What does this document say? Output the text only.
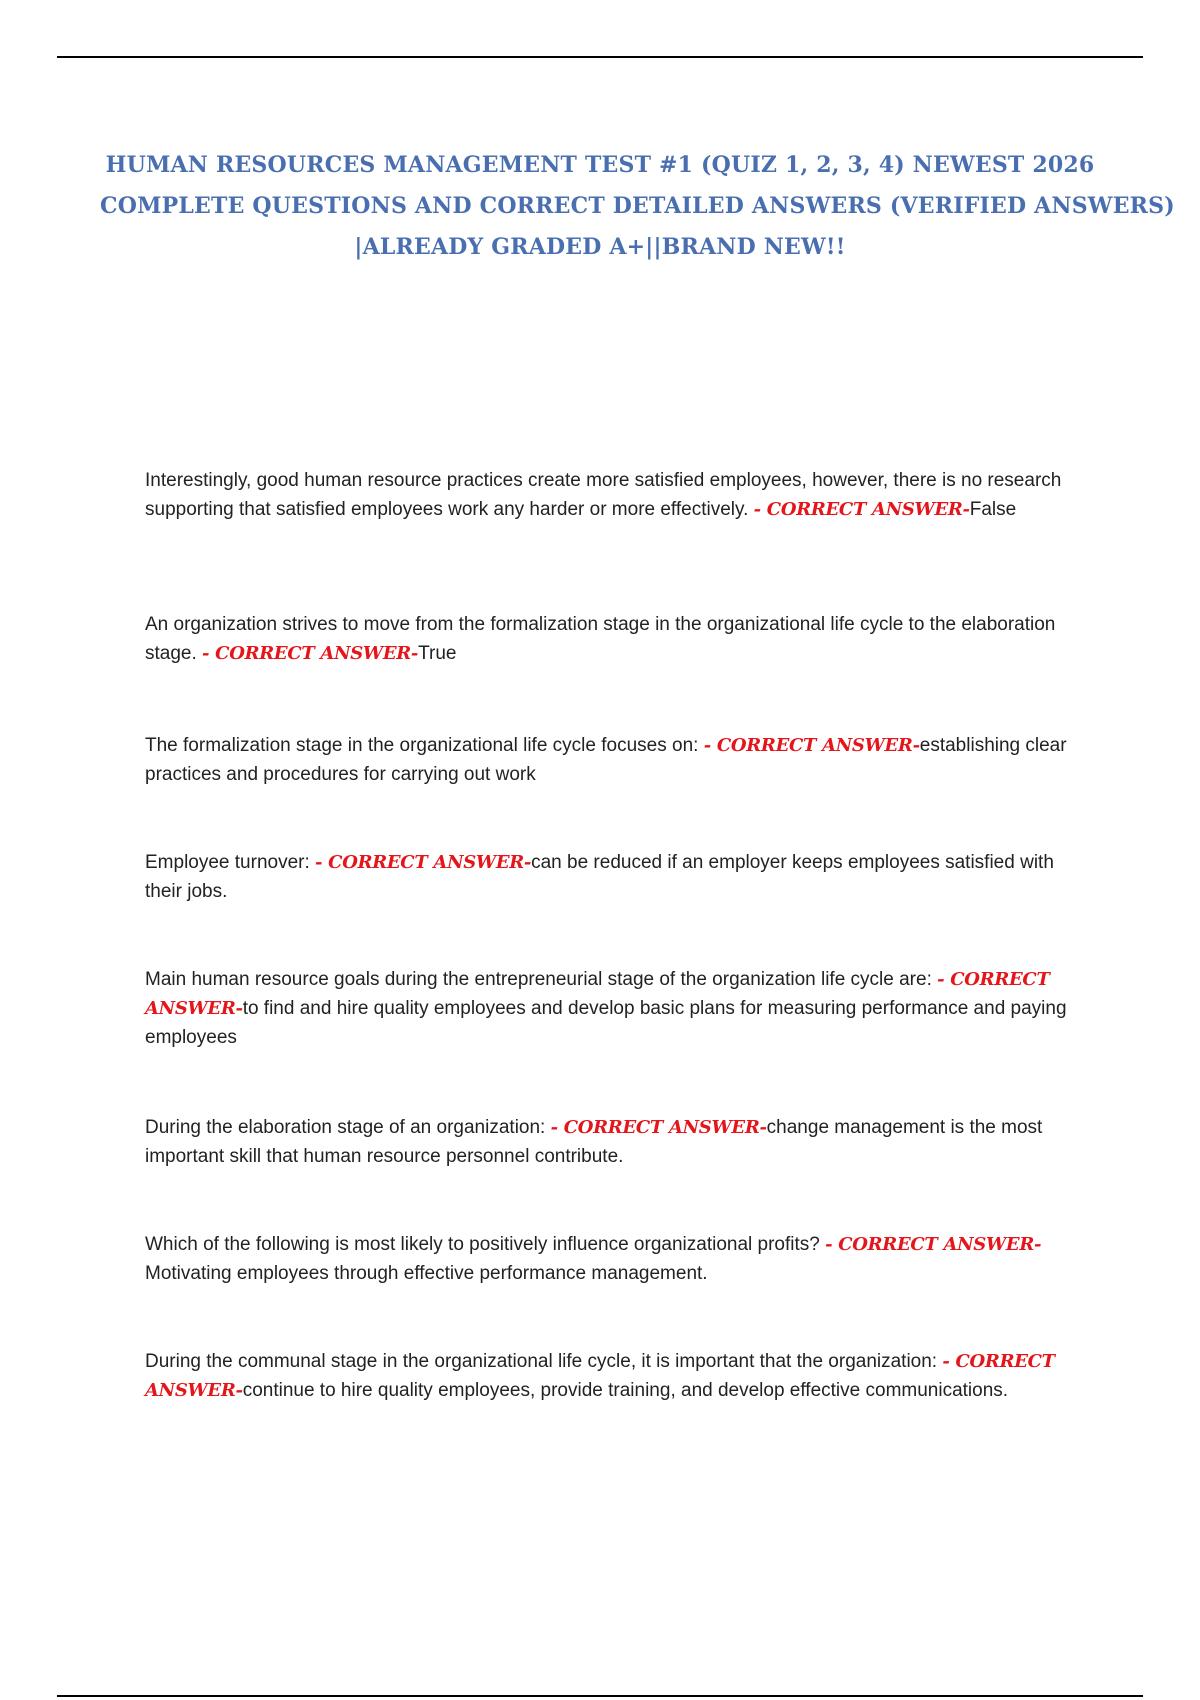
HUMAN RESOURCES MANAGEMENT TEST #1 (QUIZ 1, 2, 3, 4) NEWEST 2026
COMPLETE QUESTIONS AND CORRECT DETAILED ANSWERS (VERIFIED ANSWERS)
|ALREADY GRADED A+||BRAND NEW!!

Interestingly, good human resource practices create more satisfied employees, however, there is no research supporting that satisfied employees work any harder or more effectively. - CORRECT ANSWER-False

An organization strives to move from the formalization stage in the organizational life cycle to the elaboration stage. - CORRECT ANSWER-True

The formalization stage in the organizational life cycle focuses on: - CORRECT ANSWER-establishing clear practices and procedures for carrying out work

Employee turnover: - CORRECT ANSWER-can be reduced if an employer keeps employees satisfied with their jobs.

Main human resource goals during the entrepreneurial stage of the organization life cycle are: - CORRECT ANSWER-to find and hire quality employees and develop basic plans for measuring performance and paying employees

During the elaboration stage of an organization: - CORRECT ANSWER-change management is the most important skill that human resource personnel contribute.

Which of the following is most likely to positively influence organizational profits? - CORRECT ANSWER-Motivating employees through effective performance management.

During the communal stage in the organizational life cycle, it is important that the organization: - CORRECT ANSWER-continue to hire quality employees, provide training, and develop effective communications.
